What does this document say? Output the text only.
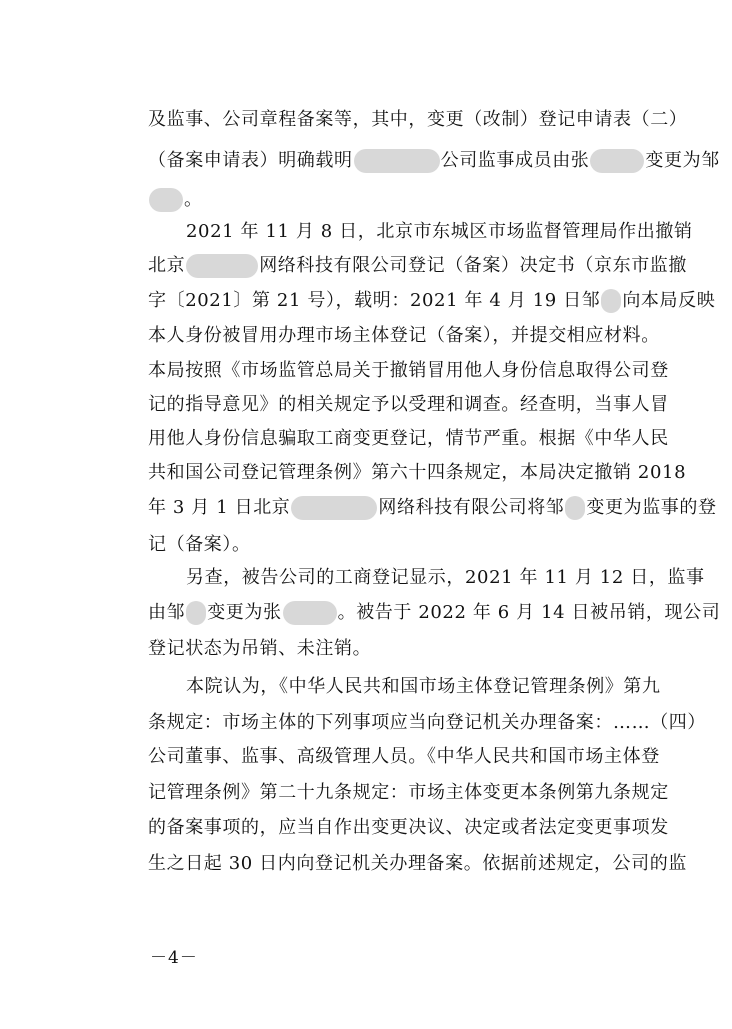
及监事、公司章程备案等，其中，变更（改制）登记申请表（二）
（备案申请表）明确载明	公司监事成员由张	变更为邹
。
2021 年 11 月 8 日，北京市东城区市场监督管理局作出撤销
北京	网络科技有限公司登记（备案）决定书（京东市监撤
字〔2021〕第 21 号），载明：2021 年 4 月 19 日邹 向本局反映
本人身份被冒用办理市场主体登记（备案），并提交相应材料。
本局按照《市场监管总局关于撤销冒用他人身份信息取得公司登
记的指导意见》的相关规定予以受理和调查。经查明，当事人冒
用他人身份信息骗取工商变更登记，情节严重。根据《中华人民
共和国公司登记管理条例》第六十四条规定，本局决定撤销 2018
年 3 月 1 日北京	网络科技有限公司将邹 变更为监事的登
记（备案）。
另查，被告公司的工商登记显示，2021 年 11 月 12 日，监事
由邹 变更为张	。被告于 2022 年 6 月 14 日被吊销，现公司
登记状态为吊销、未注销。
本院认为，《中华人民共和国市场主体登记管理条例》第九
条规定：市场主体的下列事项应当向登记机关办理备案：……（四）
公司董事、监事、高级管理人员。《中华人民共和国市场主体登
记管理条例》第二十九条规定：市场主体变更本条例第九条规定
的备案事项的，应当自作出变更决议、决定或者法定变更事项发
生之日起 30 日内向登记机关办理备案。依据前述规定，公司的监
－4－
